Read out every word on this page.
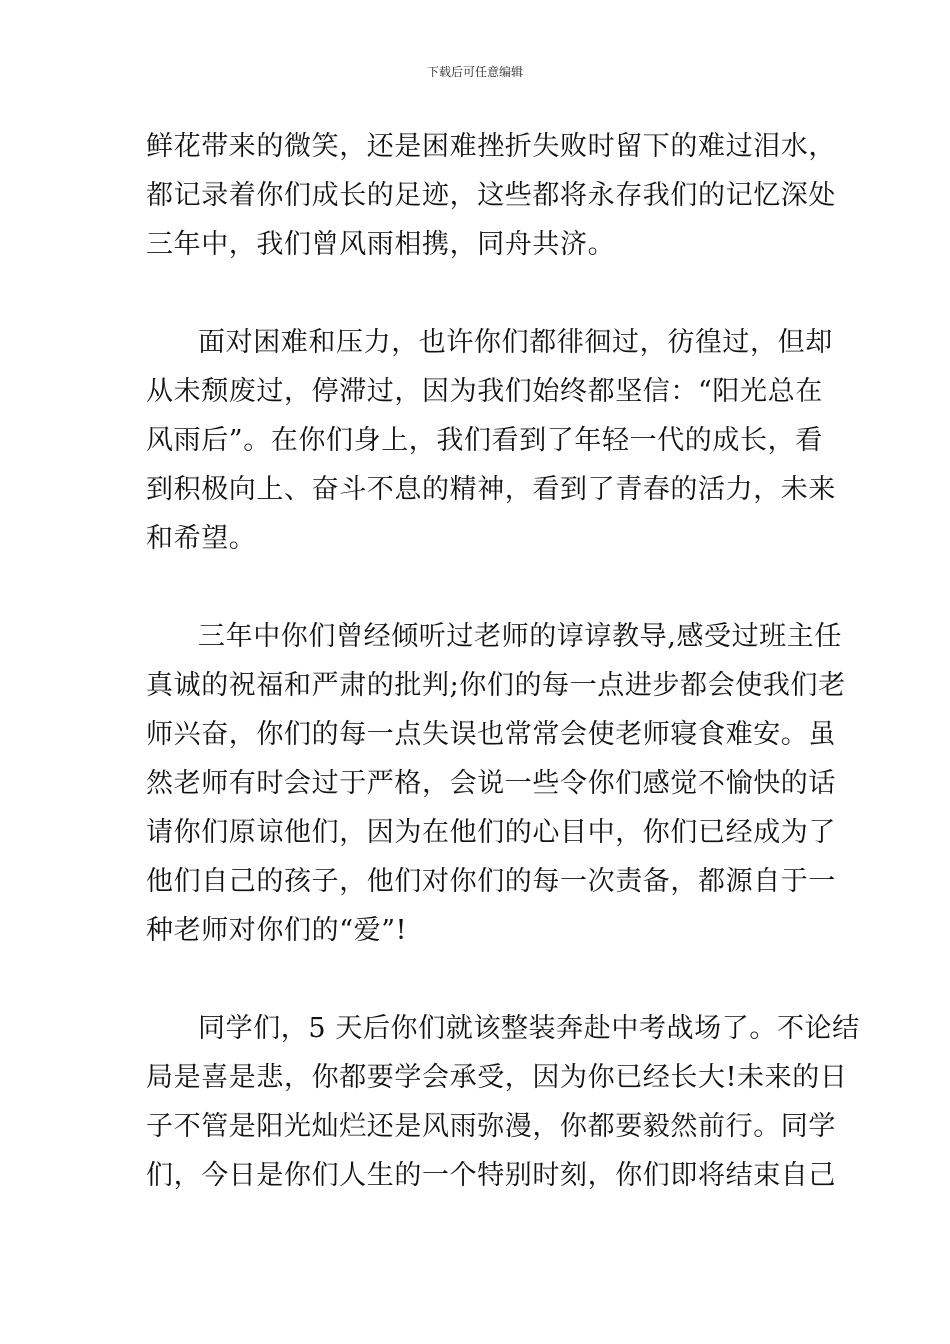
下载后可任意编辑
鲜花带来的微笑，还是困难挫折失败时留下的难过泪水，
都记录着你们成长的足迹，这些都将永存我们的记忆深处
三年中，我们曾风雨相携，同舟共济。
面对困难和压力，也许你们都徘徊过，彷徨过，但却
从未颓废过，停滞过，因为我们始终都坚信：“阳光总在
风雨后”。在你们身上，我们看到了年轻一代的成长，看
到积极向上、奋斗不息的精神，看到了青春的活力，未来
和希望。
三年中你们曾经倾听过老师的谆谆教导,感受过班主任
真诚的祝福和严肃的批判;你们的每一点进步都会使我们老
师兴奋，你们的每一点失误也常常会使老师寝食难安。虽
然老师有时会过于严格，会说一些令你们感觉不愉快的话
请你们原谅他们，因为在他们的心目中，你们已经成为了
他们自己的孩子，他们对你们的每一次责备，都源自于一
种老师对你们的“爱”!
同学们，5 天后你们就该整装奔赴中考战场了。不论结
局是喜是悲，你都要学会承受，因为你已经长大!未来的日
子不管是阳光灿烂还是风雨弥漫，你都要毅然前行。同学
们，今日是你们人生的一个特别时刻，你们即将结束自己
